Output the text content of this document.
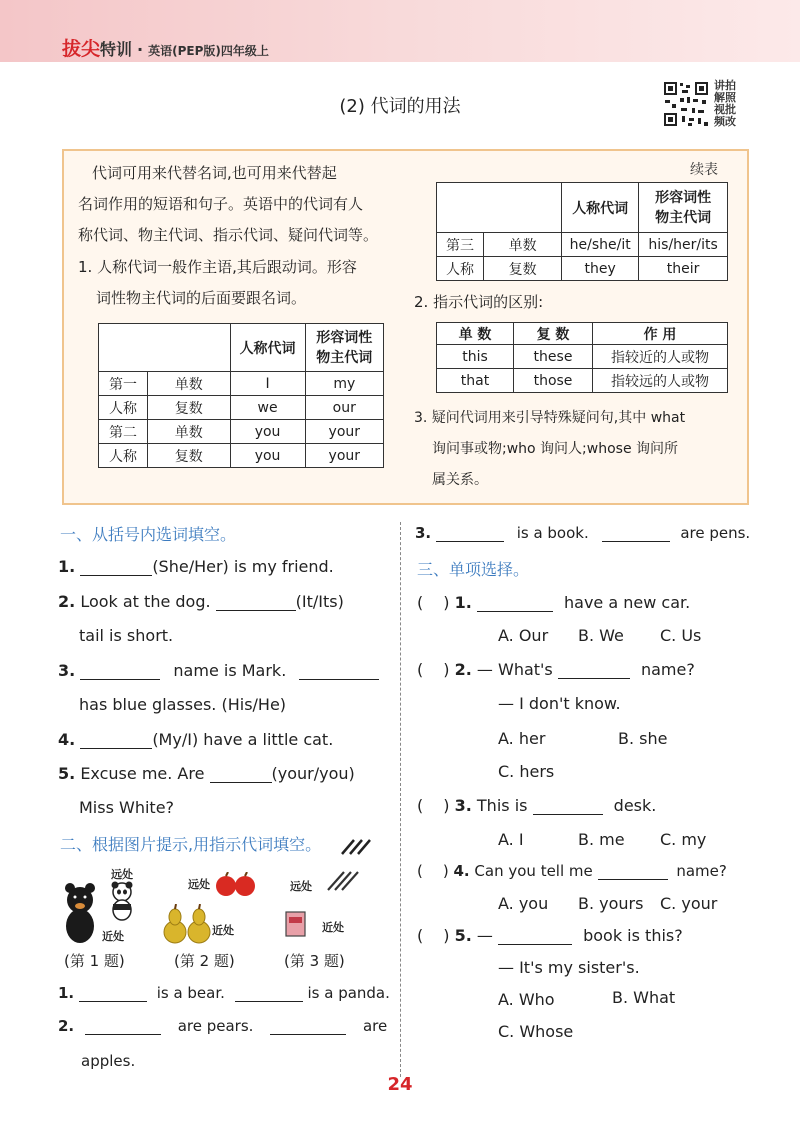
拔尖特训 · 英语(PEP版)四年级上
(2) 代词的用法
讲拍
解照
视批
频改
代词可用来代替名词,也可用来代替起
名词作用的短语和句子。英语中的代词有人
称代词、物主代词、指示代词、疑问代词等。
1. 人称代词一般作主语,其后跟动词。形容
词性物主代词的后面要跟名词。
		人称代词	形容词性
物主代词
第一	单数	I	my
人称	复数	we	our
第二	单数	you	your
人称	复数	you	your
续表
		人称代词	形容词性
物主代词
第三	单数	he/she/it	his/her/its
人称	复数	they	their
2. 指示代词的区别:
单 数	复 数	作 用
this	these	指较近的人或物
that	those	指较远的人或物
3. 疑问代词用来引导特殊疑问句,其中 what
询问事或物;who 询问人;whose 询问所
属关系。
一、从括号内选词填空。
1.	(She/Her) is my friend.
2. Look at the dog.	(It/Its)
tail is short.
3.	name is Mark.
has blue glasses. (His/He)
4.	(My/I) have a little cat.
5. Excuse me. Are	(your/you)
Miss White?
二、根据图片提示,用指示代词填空。
远处
近处
远处
近处
远处
近处
(第 1 题)	(第 2 题)	(第 3 题)
1.	is a bear.	is a panda.
2.	are pears.	are
apples.
3.	is a book.	are pens.
三、单项选择。
( ) 1.	have a new car.
A. Our B. We C. Us
( ) 2. — What's	name?
— I don't know.
A. her	B. she
C. hers
( ) 3. This is	desk.
A. I	B. me C. my
( ) 4. Can you tell me	name?
A. you B. yours C. your
( ) 5. —	book is this?
— It's my sister's.
A. Who	B. What
C. Whose
24
